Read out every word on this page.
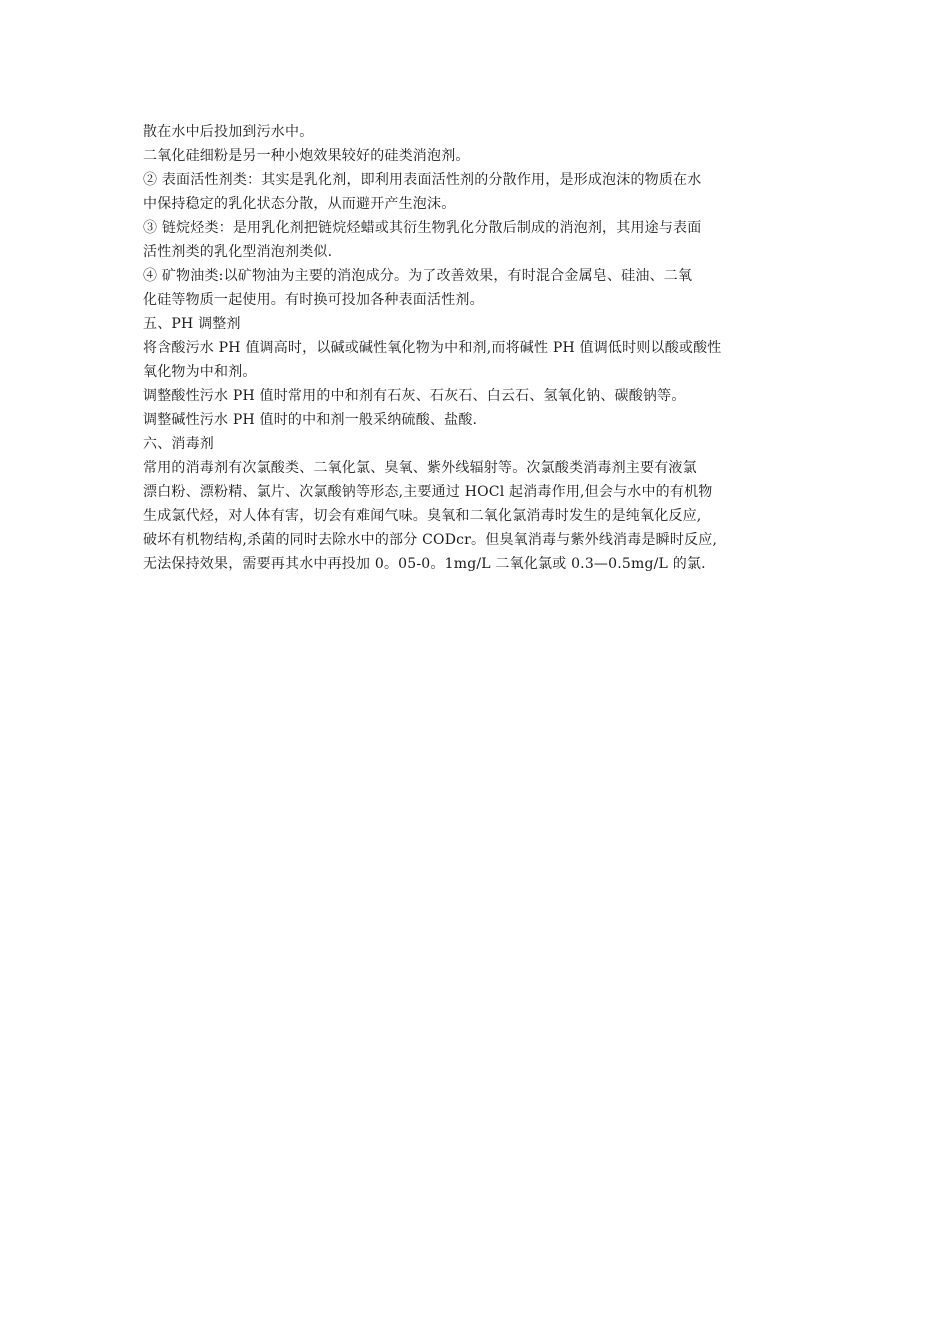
散在水中后投加到污水中。
二氧化硅细粉是另一种小炮效果较好的硅类消泡剂。
② 表面活性剂类：其实是乳化剂，即利用表面活性剂的分散作用，是形成泡沫的物质在水
中保持稳定的乳化状态分散，从而避开产生泡沫。
③ 链烷烃类：是用乳化剂把链烷烃蜡或其衍生物乳化分散后制成的消泡剂，其用途与表面
活性剂类的乳化型消泡剂类似.
④ 矿物油类:以矿物油为主要的消泡成分。为了改善效果，有时混合金属皂、硅油、二氧
化硅等物质一起使用。有时换可投加各种表面活性剂。
五、PH 调整剂
将含酸污水 PH 值调高时，以碱或碱性氧化物为中和剂,而将碱性 PH 值调低时则以酸或酸性
氧化物为中和剂。
调整酸性污水 PH 值时常用的中和剂有石灰、石灰石、白云石、氢氧化钠、碳酸钠等。
调整碱性污水 PH 值时的中和剂一般采纳硫酸、盐酸.
六、消毒剂
常用的消毒剂有次氯酸类、二氧化氯、臭氧、紫外线辐射等。次氯酸类消毒剂主要有液氯
漂白粉、漂粉精、氯片、次氯酸钠等形态,主要通过 HOCl 起消毒作用,但会与水中的有机物
生成氯代烃，对人体有害，切会有难闻气味。臭氧和二氧化氯消毒时发生的是纯氧化反应,
破坏有机物结构,杀菌的同时去除水中的部分 CODcr。但臭氧消毒与紫外线消毒是瞬时反应,
无法保持效果，需要再其水中再投加 0。05-0。1mg/L 二氧化氯或 0.3—0.5mg/L 的氯.
